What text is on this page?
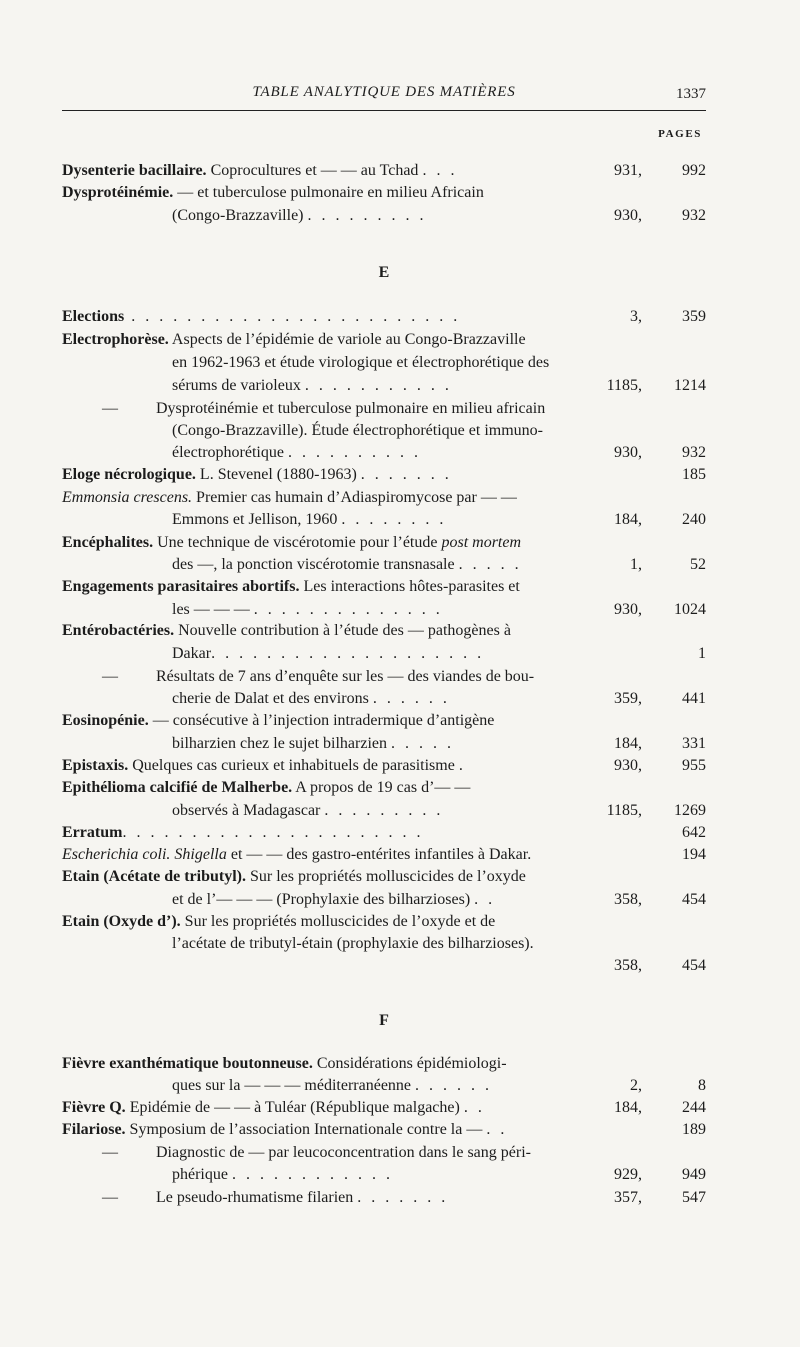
TABLE ANALYTIQUE DES MATIÈRES	1337
PAGES
Dysenterie bacillaire. Coprocultures et — — au Tchad . . .	931,	992
Dysprotéinémie. — et tuberculose pulmonaire en milieu Africain
(Congo-Brazzaville) . . . . . . . . .	930,	932
E
Elections . . . . . . . . . . . . . . . . . . . . . . . .	3,	359
Electrophorèse. Aspects de l’épidémie de variole au Congo-Brazzaville
en 1962-1963 et étude virologique et électrophorétique des
sérums de varioleux . . . . . . . . . . .	1185, 1214
— Dysprotéinémie et tuberculose pulmonaire en milieu africain
(Congo-Brazzaville). Étude électrophorétique et immuno-
électrophorétique . . . . . . . . . .	930,	932
Eloge nécrologique. L. Stevenel (1880-1963) . . . . . . .	185
Emmonsia crescens. Premier cas humain d’Adiaspiromycose par — —
Emmons et Jellison, 1960 . . . . . . . .	184,	240
Encéphalites. Une technique de viscérotomie pour l’étude post mortem
des —, la ponction viscérotomie transnasale . . . . .	1,	52
Engagements parasitaires abortifs. Les interactions hôtes-parasites et
les — — — . . . . . . . . . . . . . .	930, 1024
Entérobactéries. Nouvelle contribution à l’étude des — pathogènes à
Dakar. . . . . . . . . . . . . . . . . . . .	1
— Résultats de 7 ans d’enquête sur les — des viandes de bou-
cherie de Dalat et des environs . . . . . .	359,	441
Eosinopénie. — consécutive à l’injection intradermique d’antigène
bilharzien chez le sujet bilharzien . . . . .	184,	331
Epistaxis. Quelques cas curieux et inhabituels de parasitisme .	930,	955
Epithélioma calcifié de Malherbe. A propos de 19 cas d’— —
observés à Madagascar . . . . . . . . .	1185, 1269
Erratum. . . . . . . . . . . . . . . . . . . . . .	642
Escherichia coli. Shigella et — — des gastro-entérites infantiles à Dakar.	194
Etain (Acétate de tributyl). Sur les propriétés molluscicides de l’oxyde
et de l’— — — (Prophylaxie des bilharzioses) . .	358,	454
Etain (Oxyde d’). Sur les propriétés molluscicides de l’oxyde et de
l’acétate de tributyl-étain (prophylaxie des bilharzioses).
358,	454
F
Fièvre exanthématique boutonneuse. Considérations épidémiologi-
ques sur la — — — méditerranéenne . . . . . .	2,	8
Fièvre Q. Epidémie de — — à Tuléar (République malgache) . .	184,	244
Filariose. Symposium de l’association Internationale contre la — . .	189
— Diagnostic de — par leucoconcentration dans le sang péri-
phérique . . . . . . . . . . . .	929,	949
— Le pseudo-rhumatisme filarien . . . . . . .	357,	547
